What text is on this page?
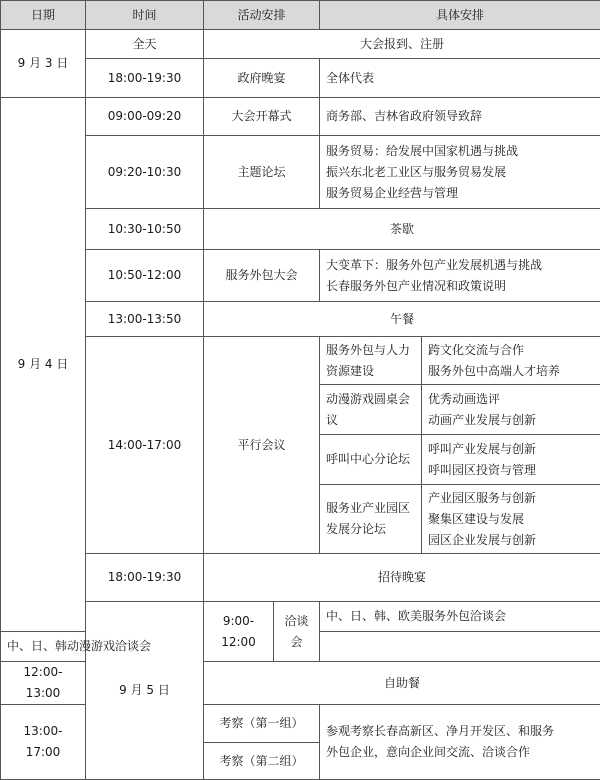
日期	时间	活动安排		具体安排	
9 月 3 日	全天	大会报到、注册			
	18:00-19:30	政府晚宴		全体代表	
9 月 4 日	09:00-09:20	大会开幕式		商务部、吉林省政府领导致辞	
	09:20-10:30	主题论坛		服务贸易：给发展中国家机遇与挑战
振兴东北老工业区与服务贸易发展
服务贸易企业经营与管理	

	10:30-10:50	茶歇			
	10:50-12:00	服务外包大会		大变革下：服务外包产业发展机遇与挑战
长春服务外包产业情况和政策说明	

	13:00-13:50	午餐			
	14:00-17:00	平行会议		服务外包与人力资源建设	跨文化交流与合作
服务外包中高端人才培养

				动漫游戏圆桌会议	优秀动画选评
动画产业发展与创新

				呼叫中心分论坛	呼叫产业发展与创新
呼叫园区投资与管理

				服务业产业园区发展分论坛	产业园区服务与创新
聚集区建设与发展
园区企业发展与创新

	18:00-19:30	招待晚宴			
	9 月 5 日	9:00-12:00	洽谈会	中、日、韩、欧美服务外包洽谈会	
中、日、韩动漫游戏洽谈会					
12:00-13:00		自助餐			
13:00-17:00		考察（第一组）		参观考察长春高新区、净月开发区、和服务
外包企业，意向企业间交流、洽谈合作	

		考察（第二组）			
